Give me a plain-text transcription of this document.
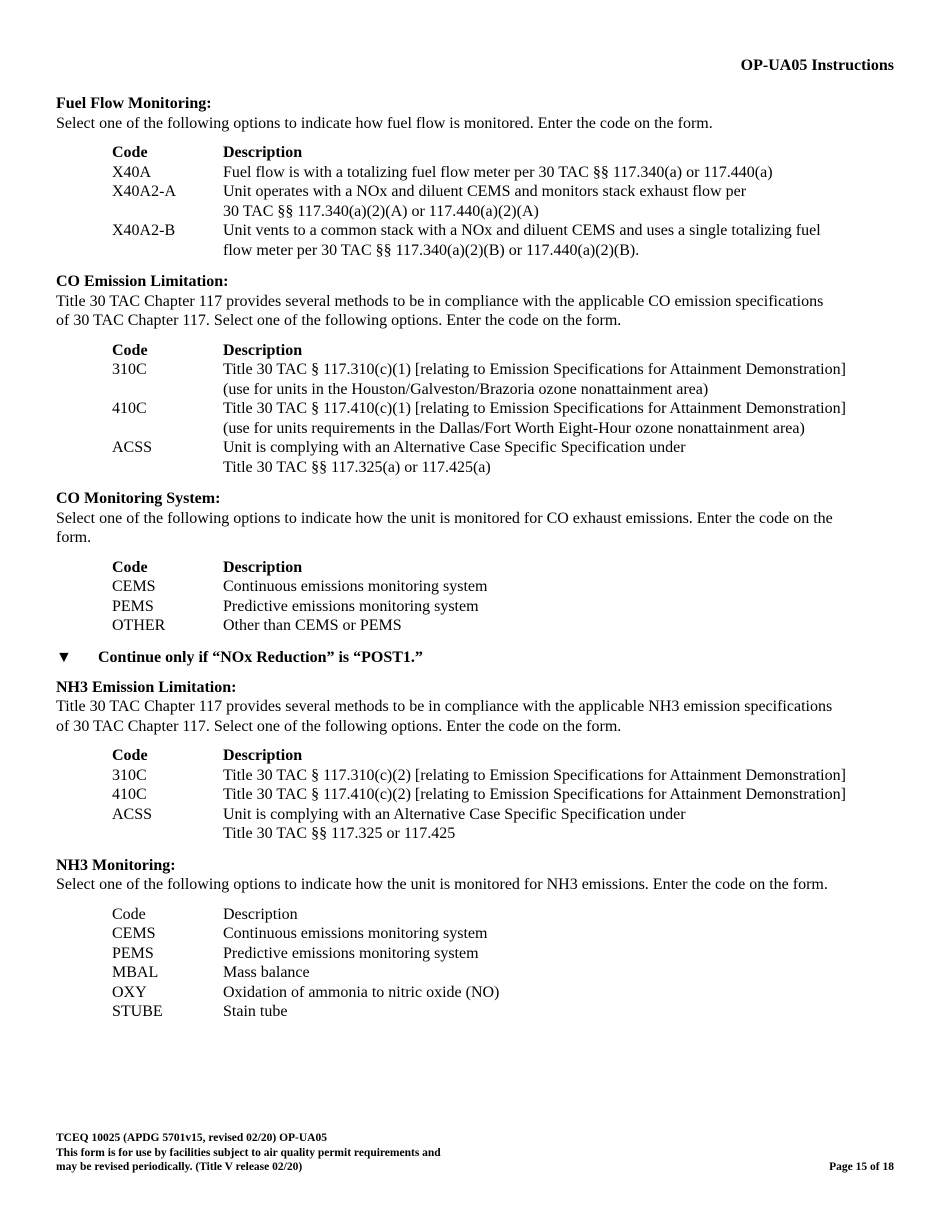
OP-UA05 Instructions
Fuel Flow Monitoring:
Select one of the following options to indicate how fuel flow is monitored. Enter the code on the form.
Code	Description
X40A	Fuel flow is with a totalizing fuel flow meter per 30 TAC §§ 117.340(a) or 117.440(a)

X40A2-A	Unit operates with a NOx and diluent CEMS and monitors stack exhaust flow per
30 TAC §§ 117.340(a)(2)(A) or 117.440(a)(2)(A)

X40A2-B	Unit vents to a common stack with a NOx and diluent CEMS and uses a single totalizing fuel
flow meter per 30 TAC §§ 117.340(a)(2)(B) or 117.440(a)(2)(B).
CO Emission Limitation:
Title 30 TAC Chapter 117 provides several methods to be in compliance with the applicable CO emission specifications
of 30 TAC Chapter 117. Select one of the following options. Enter the code on the form.
Code	Description
310C	Title 30 TAC § 117.310(c)(1) [relating to Emission Specifications for Attainment Demonstration]
(use for units in the Houston/Galveston/Brazoria ozone nonattainment area)

410C	Title 30 TAC § 117.410(c)(1) [relating to Emission Specifications for Attainment Demonstration]
(use for units requirements in the Dallas/Fort Worth Eight-Hour ozone nonattainment area)

ACSS	Unit is complying with an Alternative Case Specific Specification under
Title 30 TAC §§ 117.325(a) or 117.425(a)
CO Monitoring System:
Select one of the following options to indicate how the unit is monitored for CO exhaust emissions. Enter the code on the
form.
Code	Description
CEMS	Continuous emissions monitoring system
PEMS	Predictive emissions monitoring system
OTHER	Other than CEMS or PEMS
▼ Continue only if “NOx Reduction” is “POST1.”
NH3 Emission Limitation:
Title 30 TAC Chapter 117 provides several methods to be in compliance with the applicable NH3 emission specifications
of 30 TAC Chapter 117. Select one of the following options. Enter the code on the form.
Code	Description
310C	Title 30 TAC § 117.310(c)(2) [relating to Emission Specifications for Attainment Demonstration]
410C	Title 30 TAC § 117.410(c)(2) [relating to Emission Specifications for Attainment Demonstration]
ACSS	Unit is complying with an Alternative Case Specific Specification under
Title 30 TAC §§ 117.325 or 117.425
NH3 Monitoring:
Select one of the following options to indicate how the unit is monitored for NH3 emissions. Enter the code on the form.
Code	Description
CEMS	Continuous emissions monitoring system
PEMS	Predictive emissions monitoring system
MBAL	Mass balance
OXY	Oxidation of ammonia to nitric oxide (NO)
STUBE	Stain tube
TCEQ 10025 (APDG 5701v15, revised 02/20) OP-UA05
This form is for use by facilities subject to air quality permit requirements and
may be revised periodically. (Title V release 02/20)	Page 15 of 18
